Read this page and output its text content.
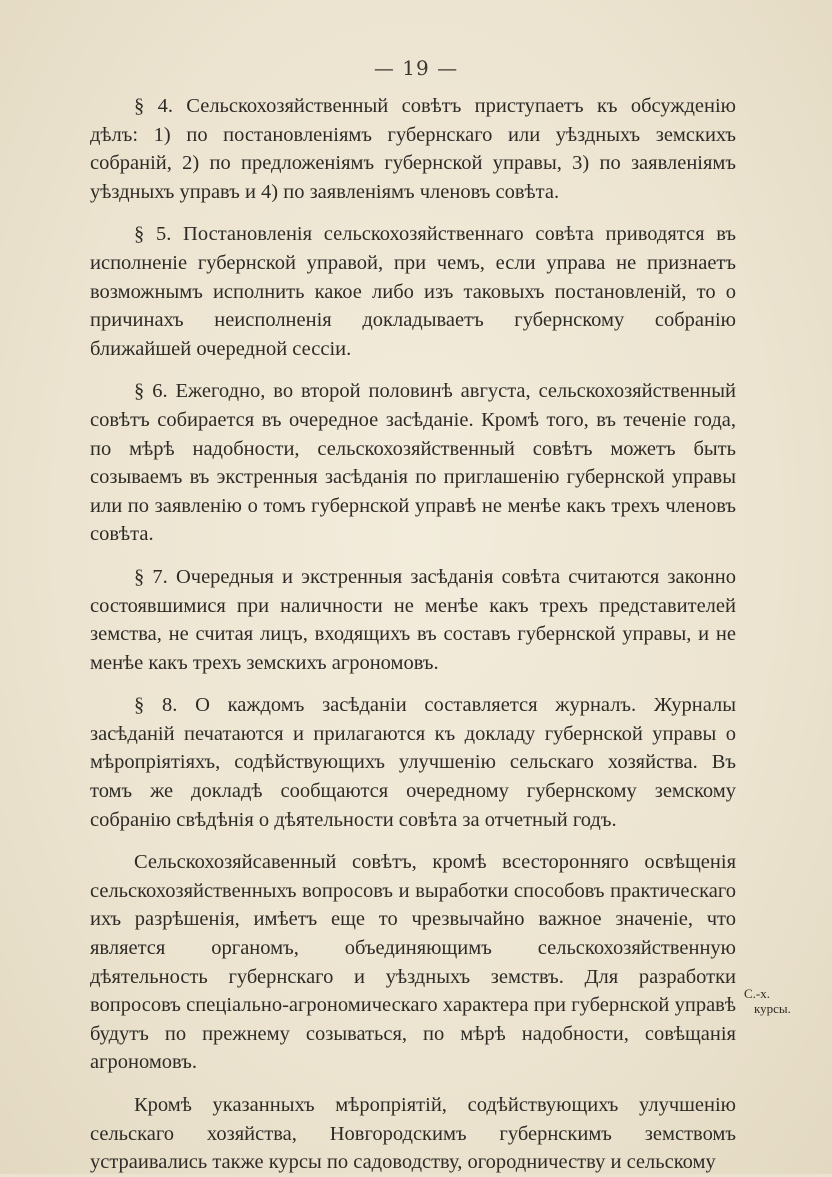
— 19 —

§ 4. Сельскохозяйственный совѣтъ приступаетъ къ обсужденію дѣлъ: 1) по постановленіямъ губернскаго или уѣздныхъ земскихъ собраній, 2) по предложеніямъ губернской управы, 3) по заявленіямъ уѣздныхъ управъ и 4) по заявленіямъ членовъ совѣта.

§ 5. Постановленія сельскохозяйственнаго совѣта приводятся въ исполненіе губернской управой, при чемъ, если управа не признаетъ возможнымъ исполнить какое либо изъ таковыхъ постановленій, то о причинахъ неисполненія докладываетъ губернскому собранію ближайшей очередной сессіи.

§ 6. Ежегодно, во второй половинѣ августа, сельскохозяйственный совѣтъ собирается въ очередное засѣданіе. Кромѣ того, въ теченіе года, по мѣрѣ надобности, сельскохозяйственный совѣтъ можетъ быть созываемъ въ экстренныя засѣданія по приглашенію губернской управы или по заявленію о томъ губернской управѣ не менѣе какъ трехъ членовъ совѣта.

§ 7. Очередныя и экстренныя засѣданія совѣта считаются законно состоявшимися при наличности не менѣе какъ трехъ представителей земства, не считая лицъ, входящихъ въ составъ губернской управы, и не менѣе какъ трехъ земскихъ агрономовъ.

§ 8. О каждомъ засѣданіи составляется журналъ. Журналы засѣданій печатаются и прилагаются къ докладу губернской управы о мѣропріятіяхъ, содѣйствующихъ улучшенію сельскаго хозяйства. Въ томъ же докладѣ сообщаются очередному губернскому земскому собранію свѣдѣнія о дѣятельности совѣта за отчетный годъ.

Сельскохозяйсавенный совѣтъ, кромѣ всесторонняго освѣщенія сельскохозяйственныхъ вопросовъ и выработки способовъ практическаго ихъ разрѣшенія, имѣетъ еще то чрезвычайно важное значеніе, что является органомъ, объединяющимъ сельскохозяйственную дѣятельность губернскаго и уѣздныхъ земствъ. Для разработки вопросовъ спеціально-агрономическаго характера при губернской управѣ будутъ по прежнему созываться, по мѣрѣ надобности, совѣщанія агрономовъ.

Кромѣ указанныхъ мѣропріятій, содѣйствующихъ улучшенію сельскаго хозяйства, Новгородскимъ губернскимъ земствомъ устраивались также курсы по садоводству, огородничеству и сельскому

С.-х.
курсы.
